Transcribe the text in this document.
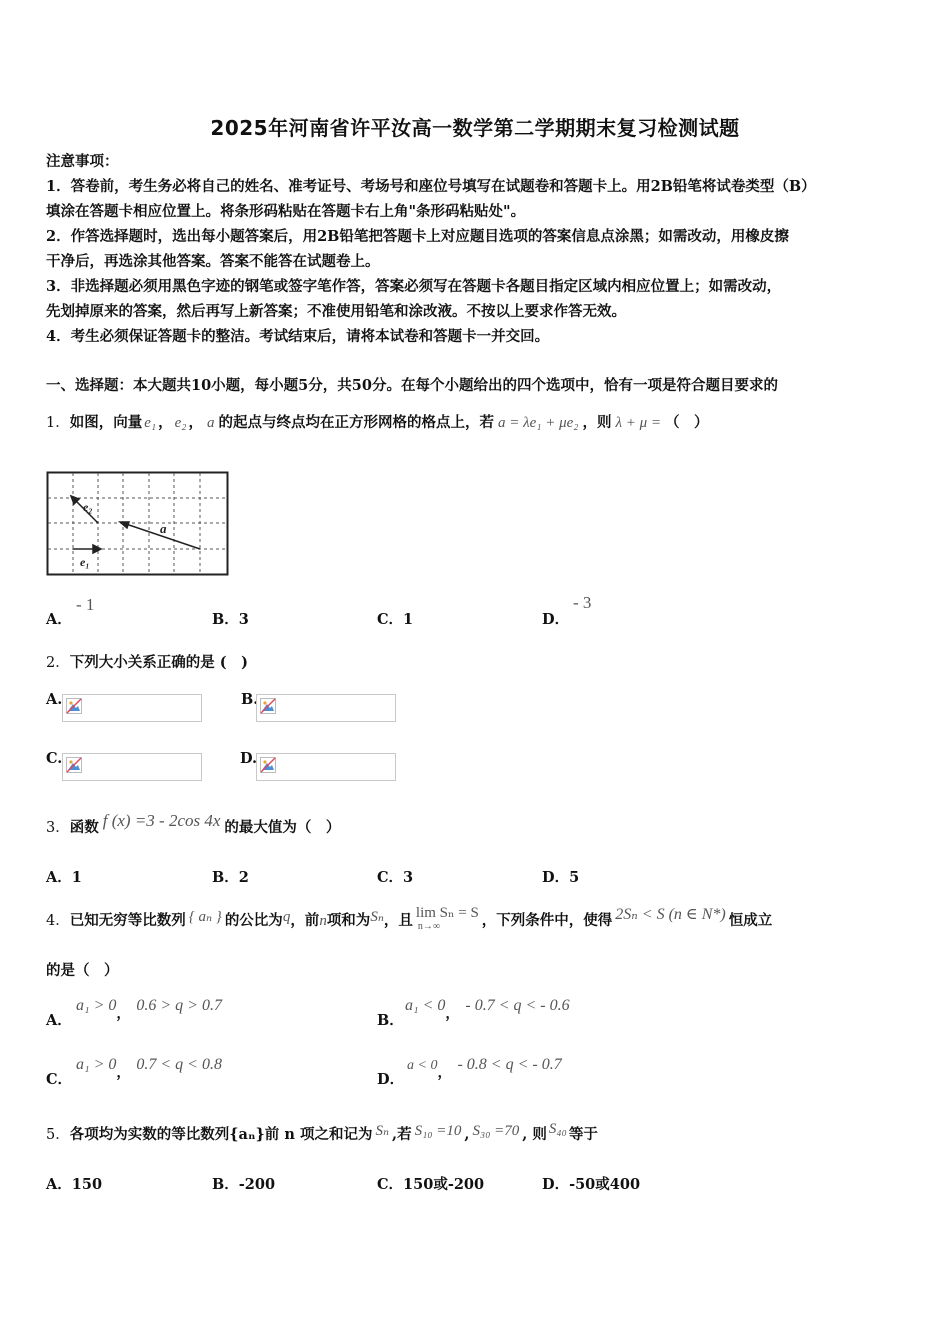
2025年河南省许平汝高一数学第二学期期末复习检测试题
注意事项：
1．答卷前，考生务必将自己的姓名、准考证号、考场号和座位号填写在试题卷和答题卡上。用2B铅笔将试卷类型（B）
填涂在答题卡相应位置上。将条形码粘贴在答题卡右上角"条形码粘贴处"。
2．作答选择题时，选出每小题答案后，用2B铅笔把答题卡上对应题目选项的答案信息点涂黑；如需改动，用橡皮擦
干净后，再选涂其他答案。答案不能答在试题卷上。
3．非选择题必须用黑色字迹的钢笔或签字笔作答，答案必须写在答题卡各题目指定区域内相应位置上；如需改动，
先划掉原来的答案，然后再写上新答案；不准使用铅笔和涂改液。不按以上要求作答无效。
4．考生必须保证答题卡的整洁。考试结束后，请将本试卷和答题卡一并交回。
一、选择题：本大题共10小题，每小题5分，共50分。在每个小题给出的四个选项中，恰有一项是符合题目要求的
1．如图，向量 e₁ ， e₂ ， a 的起点与终点均在正方形网格的格点上，若 a = λe₁ + μe₂ ，则 λ + μ = （　）
e₂
a
e₁
A．
- 1
B．3	C．1	D．
- 3
2．下列大小关系正确的是 (　)
A.	B.
C.	D.
3．函数 f (x) =3 - 2cos 4x 的最大值为（　）
A．1	B．2	C．3	D．5
4．已知无穷等比数列 { aₙ } 的公比为q，前n项和为Sₙ，且 lim Sₙ = S
n→∞	，下列条件中，使得 2Sₙ < S (n ∈ N*) 恒成立
的是（　）
A．
a₁ > 0， 0.6 > q > 0.7
B．
a₁ < 0， - 0.7 < q < - 0.6
C．
a₁ > 0， 0.7 < q < 0.8
D．
a < 0， - 0.8 < q < - 0.7
5．各项均为实数的等比数列{aₙ}前 n 项之和记为 Sₙ ,若 S₁₀ =10 , S₃₀ =70 , 则 S₄₀ 等于
A．150	B．-200	C．150或-200	D．-50或400
